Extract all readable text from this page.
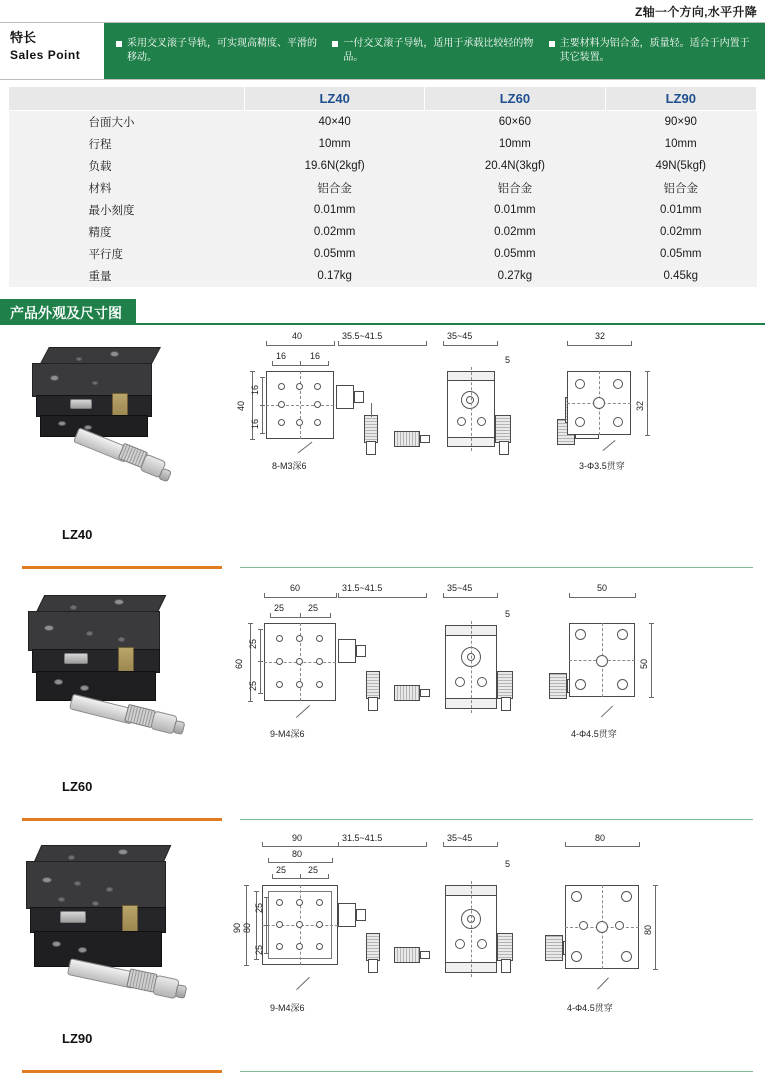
Z轴一个方向,水平升降
特长
Sales Point
采用交叉滚子导轨，可实现高精度、平滑的移动。
一付交叉滚子导轨，适用于承载比较轻的物品。
主要材料为铝合金，质量轻。适合于内置于其它装置。
	LZ40	LZ60	LZ90
台面大小	40×40	60×60	90×90
行程	10mm	10mm	10mm
负载	19.6N(2kgf)	20.4N(3kgf)	49N(5kgf)
材料	铝合金	铝合金	铝合金
最小刻度	0.01mm	0.01mm	0.01mm
精度	0.02mm	0.02mm	0.02mm
平行度	0.05mm	0.05mm	0.05mm
重量	0.17kg	0.27kg	0.45kg
产品外观及尺寸图
LZ40
40
16	16
40
16
16
35.5~41.5
8-M3深6
35~45
5
32
32
3-Φ3.5贯穿
LZ60
60
25	25
60
25
25
31.5~41.5
9-M4深6
35~45
5
50
50
4-Φ4.5贯穿
LZ90
90
80
25 25
90 80
25
25
31.5~41.5
9-M4深6
35~45
5
80
80
4-Φ4.5贯穿
